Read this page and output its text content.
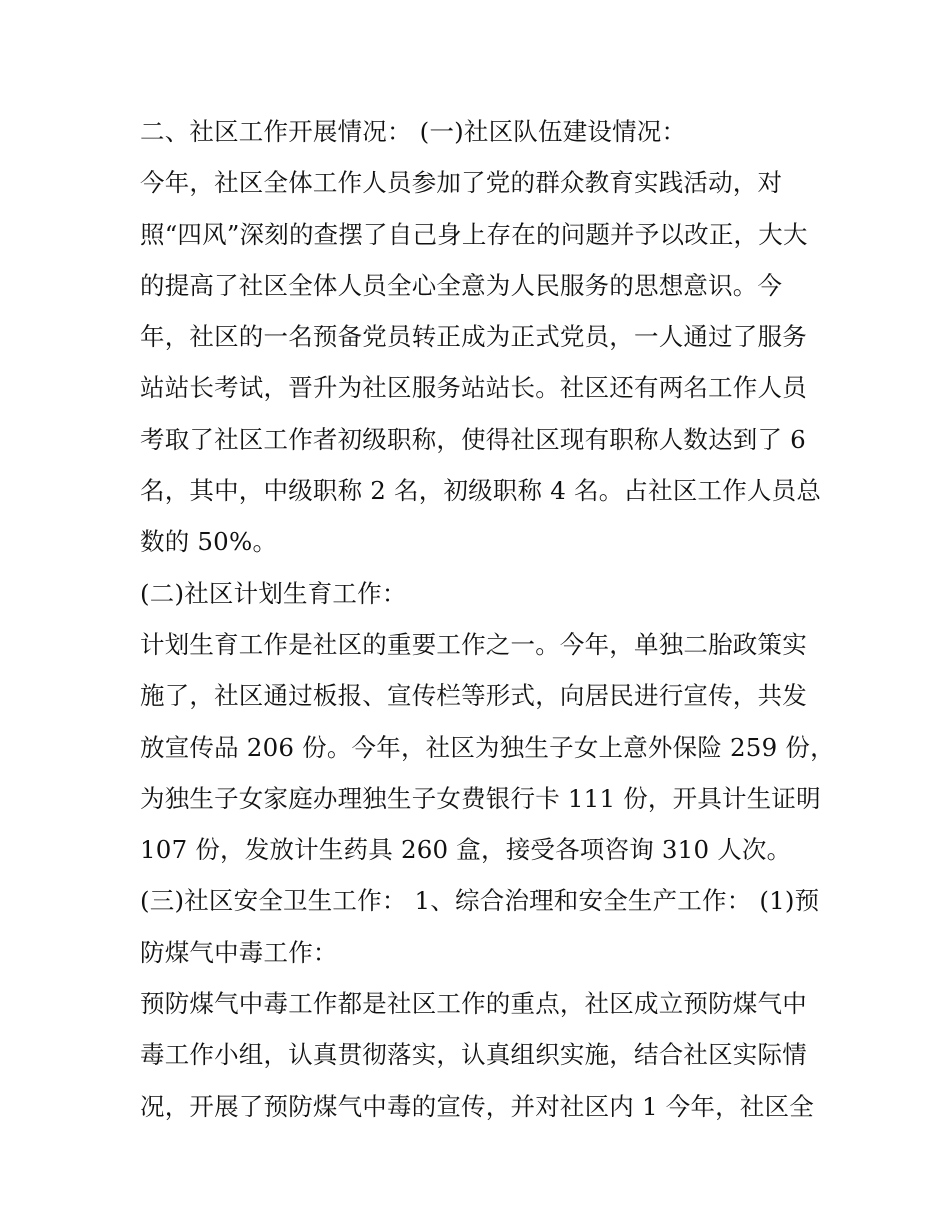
二、社区工作开展情况： (一)社区队伍建设情况：
今年，社区全体工作人员参加了党的群众教育实践活动，对
照“四风”深刻的查摆了自己身上存在的问题并予以改正，大大
的提高了社区全体人员全心全意为人民服务的思想意识。今
年，社区的一名预备党员转正成为正式党员，一人通过了服务
站站长考试，晋升为社区服务站站长。社区还有两名工作人员
考取了社区工作者初级职称，使得社区现有职称人数达到了 6
名，其中，中级职称 2 名，初级职称 4 名。占社区工作人员总
数的 50%。
(二)社区计划生育工作：
计划生育工作是社区的重要工作之一。今年，单独二胎政策实
施了，社区通过板报、宣传栏等形式，向居民进行宣传，共发
放宣传品 206 份。今年，社区为独生子女上意外保险 259 份，
为独生子女家庭办理独生子女费银行卡 111 份，开具计生证明
107 份，发放计生药具 260 盒，接受各项咨询 310 人次。
(三)社区安全卫生工作： 1、综合治理和安全生产工作： (1)预
防煤气中毒工作：
预防煤气中毒工作都是社区工作的重点，社区成立预防煤气中
毒工作小组，认真贯彻落实，认真组织实施，结合社区实际情
况，开展了预防煤气中毒的宣传，并对社区内 1 今年，社区全
